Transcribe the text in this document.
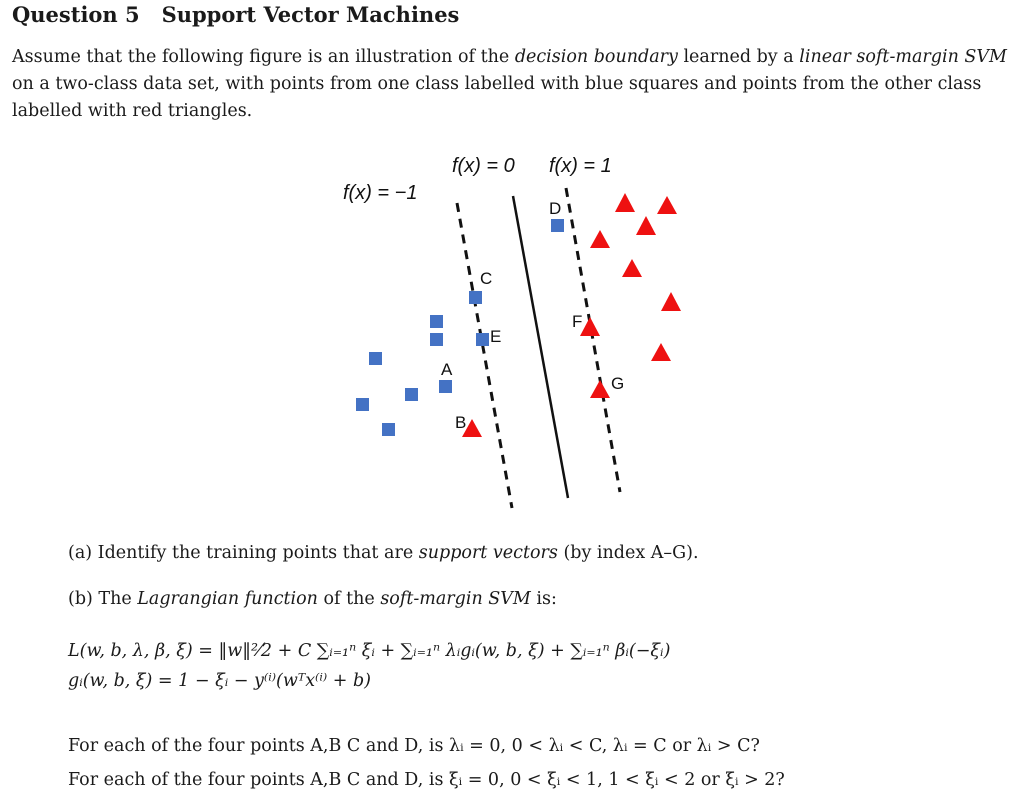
Question 5 Support Vector Machines
Assume that the following figure is an illustration of the decision boundary learned by a linear soft-margin SVM on a two-class data set, with points from one class labelled with blue squares and points from the other class labelled with red triangles.
f(x) = −1
f(x) = 0 f(x) = 1
D
C
F
E
A
G
B
(a) Identify the training points that are support vectors (by index A–G).
(b) The Lagrangian function of the soft-margin SVM is:
L(w, b, λ, β, ξ) = ‖w‖²⁄2 + C ∑ᵢ₌₁ⁿ ξᵢ + ∑ᵢ₌₁ⁿ λᵢgᵢ(w, b, ξ) + ∑ᵢ₌₁ⁿ βᵢ(−ξᵢ)
gᵢ(w, b, ξ) = 1 − ξᵢ − y⁽ⁱ⁾(wᵀx⁽ⁱ⁾ + b)
For each of the four points A,B C and D, is λᵢ = 0, 0 < λᵢ < C, λᵢ = C or λᵢ > C?
For each of the four points A,B C and D, is ξᵢ = 0, 0 < ξᵢ < 1, 1 < ξᵢ < 2 or ξᵢ > 2?
